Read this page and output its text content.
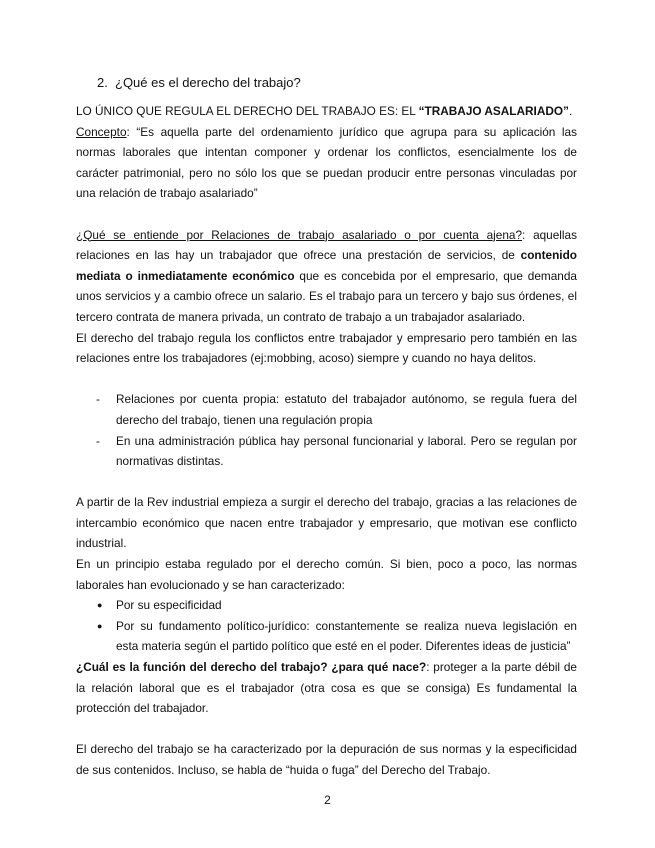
2. ¿Qué es el derecho del trabajo?

LO ÚNICO QUE REGULA EL DERECHO DEL TRABAJO ES: EL “TRABAJO ASALARIADO”.

Concepto: “Es aquella parte del ordenamiento jurídico que agrupa para su aplicación las normas laborales que intentan componer y ordenar los conflictos, esencialmente los de carácter patrimonial, pero no sólo los que se puedan producir entre personas vinculadas por una relación de trabajo asalariado”

¿Qué se entiende por Relaciones de trabajo asalariado o por cuenta ajena?: aquellas relaciones en las hay un trabajador que ofrece una prestación de servicios, de contenido mediata o inmediatamente económico que es concebida por el empresario, que demanda unos servicios y a cambio ofrece un salario. Es el trabajo para un tercero y bajo sus órdenes, el tercero contrata de manera privada, un contrato de trabajo a un trabajador asalariado.

El derecho del trabajo regula los conflictos entre trabajador y empresario pero también en las relaciones entre los trabajadores (ej:mobbing, acoso) siempre y cuando no haya delitos.

- Relaciones por cuenta propia: estatuto del trabajador autónomo, se regula fuera del derecho del trabajo, tienen una regulación propia
- En una administración pública hay personal funcionarial y laboral. Pero se regulan por normativas distintas.

A partir de la Rev industrial empieza a surgir el derecho del trabajo, gracias a las relaciones de intercambio económico que nacen entre trabajador y empresario, que motivan ese conflicto industrial.

En un principio estaba regulado por el derecho común. Si bien, poco a poco, las normas laborales han evolucionado y se han caracterizado:

● Por su especificidad
● Por su fundamento político-jurídico: constantemente se realiza nueva legislación en esta materia según el partido político que esté en el poder. Diferentes ideas de justicia”

¿Cuál es la función del derecho del trabajo? ¿para qué nace?: proteger a la parte débil de la relación laboral que es el trabajador (otra cosa es que se consiga) Es fundamental la protección del trabajador.

El derecho del trabajo se ha caracterizado por la depuración de sus normas y la especificidad de sus contenidos. Incluso, se habla de “huida o fuga” del Derecho del Trabajo.

2
